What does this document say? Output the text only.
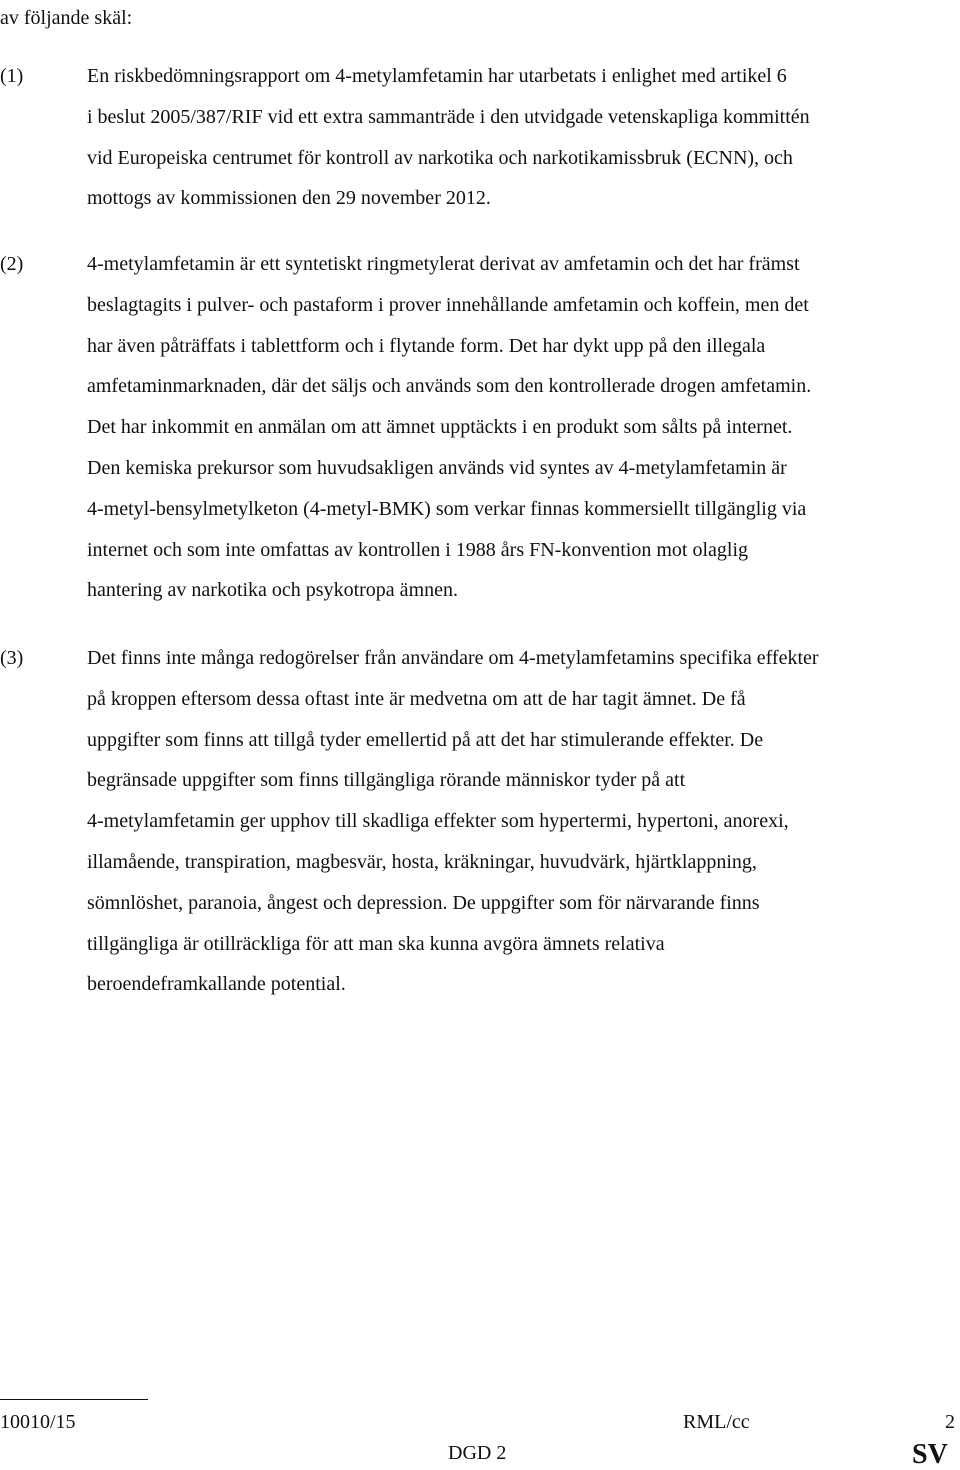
av följande skäl:
(1)	En riskbedömningsrapport om 4-metylamfetamin har utarbetats i enlighet med artikel 6
i beslut 2005/387/RIF vid ett extra sammanträde i den utvidgade vetenskapliga kommittén
vid Europeiska centrumet för kontroll av narkotika och narkotikamissbruk (ECNN), och
mottogs av kommissionen den 29 november 2012.
(2)	4-metylamfetamin är ett syntetiskt ringmetylerat derivat av amfetamin och det har främst
beslagtagits i pulver- och pastaform i prover innehållande amfetamin och koffein, men det
har även påträffats i tablettform och i flytande form. Det har dykt upp på den illegala
amfetaminmarknaden, där det säljs och används som den kontrollerade drogen amfetamin.
Det har inkommit en anmälan om att ämnet upptäckts i en produkt som sålts på internet.
Den kemiska prekursor som huvudsakligen används vid syntes av 4-metylamfetamin är
4-metyl-bensylmetylketon (4-metyl-BMK) som verkar finnas kommersiellt tillgänglig via
internet och som inte omfattas av kontrollen i 1988 års FN-konvention mot olaglig
hantering av narkotika och psykotropa ämnen.
(3)	Det finns inte många redogörelser från användare om 4-metylamfetamins specifika effekter
på kroppen eftersom dessa oftast inte är medvetna om att de har tagit ämnet. De få
uppgifter som finns att tillgå tyder emellertid på att det har stimulerande effekter. De
begränsade uppgifter som finns tillgängliga rörande människor tyder på att
4-metylamfetamin ger upphov till skadliga effekter som hypertermi, hypertoni, anorexi,
illamående, transpiration, magbesvär, hosta, kräkningar, huvudvärk, hjärtklappning,
sömnlöshet, paranoia, ångest och depression. De uppgifter som för närvarande finns
tillgängliga är otillräckliga för att man ska kunna avgöra ämnets relativa
beroendeframkallande potential.
10010/15	RML/cc	2
DGD 2	SV
